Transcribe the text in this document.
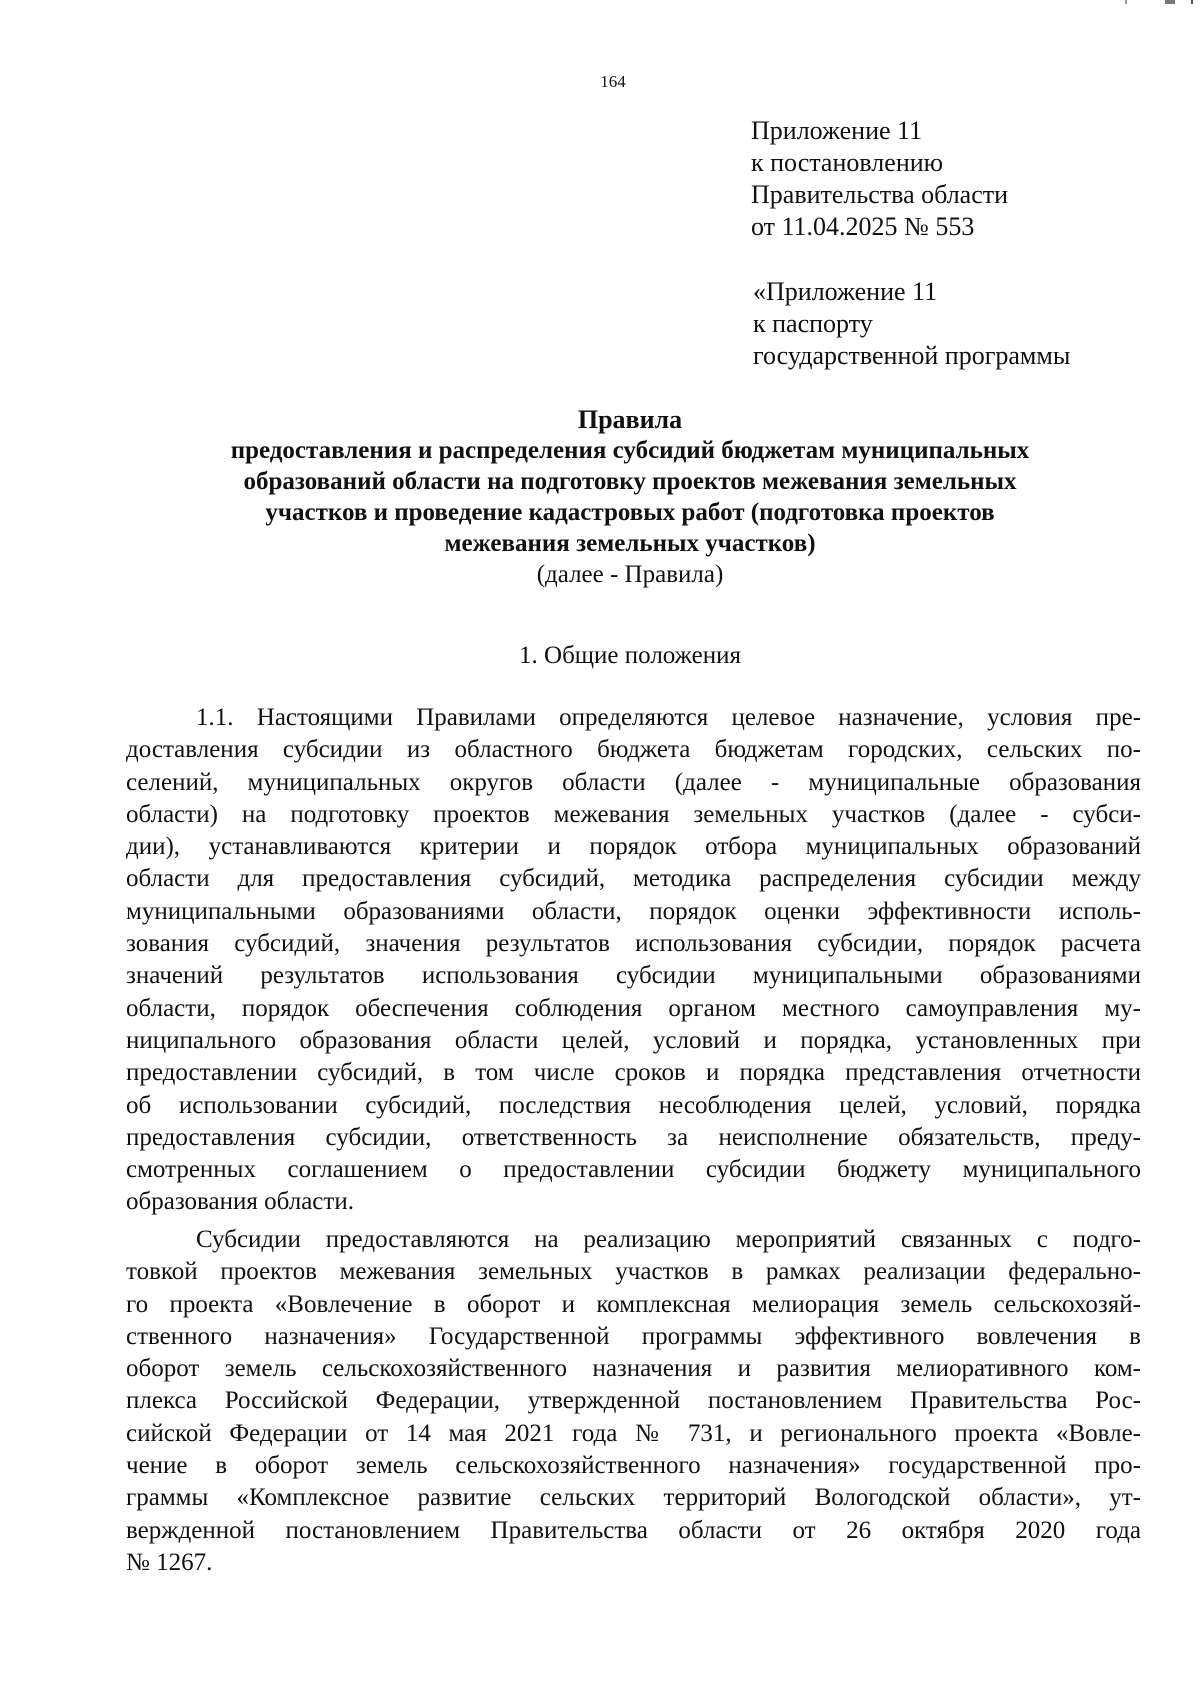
164
Приложение 11
к постановлению
Правительства области
от 11.04.2025 № 553
«Приложение 11
к паспорту
государственной программы
Правила
предоставления и распределения субсидий бюджетам муниципальных
образований области на подготовку проектов межевания земельных
участков и проведение кадастровых работ (подготовка проектов
межевания земельных участков)
(далее - Правила)
1. Общие положения
1.1. Настоящими Правилами определяются целевое назначение, условия пре-
доставления субсидии из областного бюджета бюджетам городских, сельских по-
селений, муниципальных округов области (далее - муниципальные образования
области) на подготовку проектов межевания земельных участков (далее - субси-
дии), устанавливаются критерии и порядок отбора муниципальных образований
области для предоставления субсидий, методика распределения субсидии между
муниципальными образованиями области, порядок оценки эффективности исполь-
зования субсидий, значения результатов использования субсидии, порядок расчета
значений результатов использования субсидии муниципальными образованиями
области, порядок обеспечения соблюдения органом местного самоуправления му-
ниципального образования области целей, условий и порядка, установленных при
предоставлении субсидий, в том числе сроков и порядка представления отчетности
об использовании субсидий, последствия несоблюдения целей, условий, порядка
предоставления субсидии, ответственность за неисполнение обязательств, преду-
смотренных соглашением о предоставлении субсидии бюджету муниципального
образования области.
Субсидии предоставляются на реализацию мероприятий связанных с подго-
товкой проектов межевания земельных участков в рамках реализации федерально-
го проекта «Вовлечение в оборот и комплексная мелиорация земель сельскохозяй-
ственного назначения» Государственной программы эффективного вовлечения в
оборот земель сельскохозяйственного назначения и развития мелиоративного ком-
плекса Российской Федерации, утвержденной постановлением Правительства Рос-
сийской Федерации от 14 мая 2021 года № 731, и регионального проекта «Вовле-
чение в оборот земель сельскохозяйственного назначения» государственной про-
граммы «Комплексное развитие сельских территорий Вологодской области», ут-
вержденной постановлением Правительства области от 26 октября 2020 года
№ 1267.
